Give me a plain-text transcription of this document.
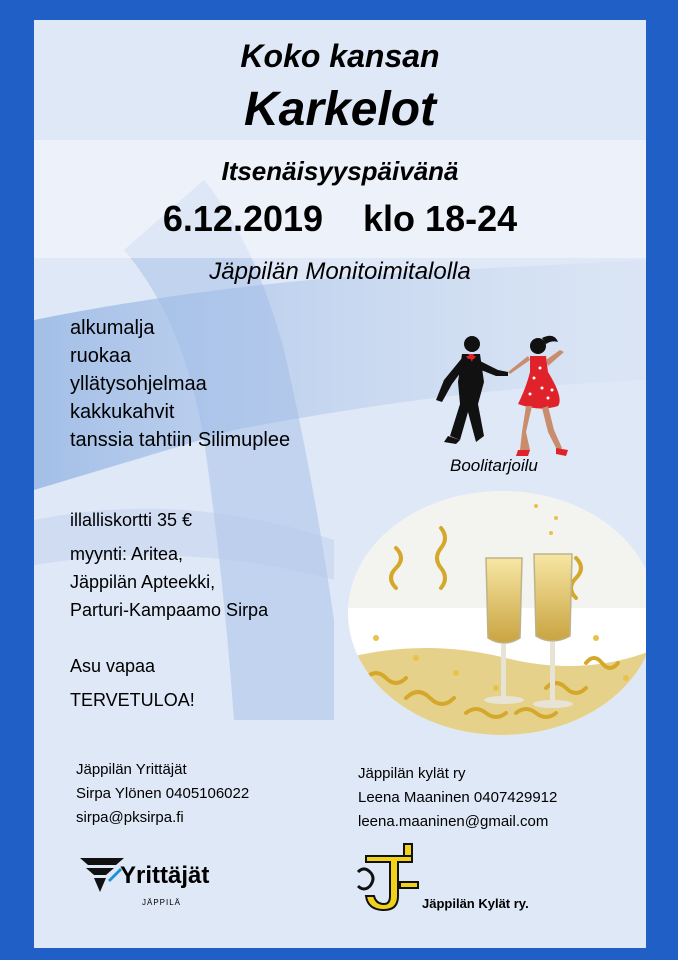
Koko kansan
Karkelot
Itsenäisyyspäivänä
6.12.2019 klo 18-24
Jäppilän Monitoimitalolla
alkumalja
ruokaa
yllätysohjelmaa
kakkukahvit
tanssia tahtiin Silimuplee
Boolitarjoilu
illalliskortti 35 €
myynti: Aritea,
Jäppilän Apteekki,
Parturi-Kampaamo Sirpa
Asu vapaa
TERVETULOA!
Jäppilän Yrittäjät
Sirpa Ylönen 0405106022
sirpa@pksirpa.fi
Jäppilän kylät ry
Leena Maaninen 0407429912
leena.maaninen@gmail.com
Yrittäjät
JÄPPILÄ	Jäppilän Kylät ry.
